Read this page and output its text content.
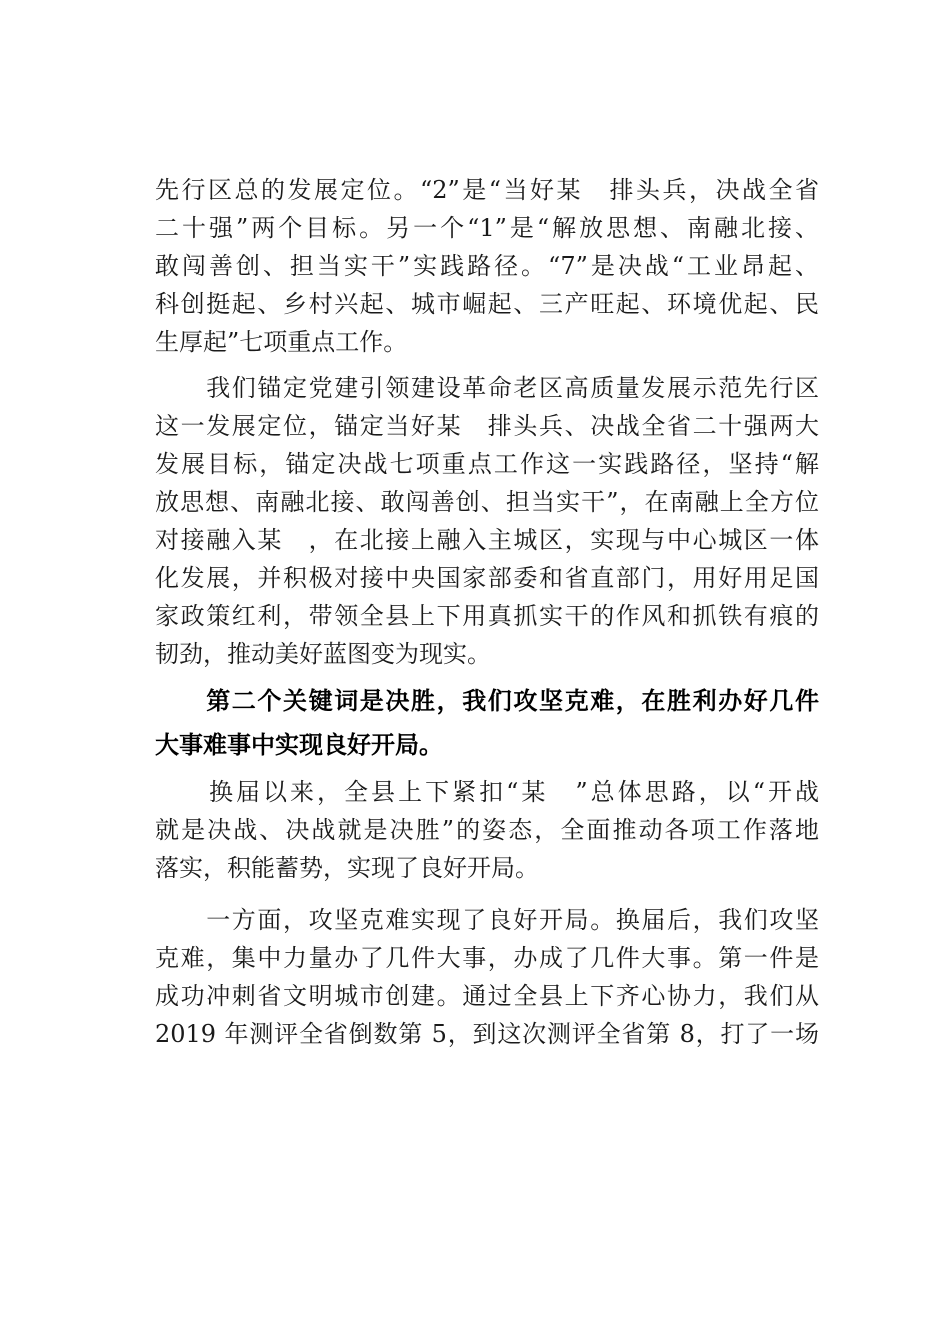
先行区总的发展定位。“2”是“当好某　排头兵，决战全省
二十强”两个目标。另一个“1”是“解放思想、南融北接、
敢闯善创、担当实干”实践路径。“7”是决战“工业昂起、
科创挺起、乡村兴起、城市崛起、三产旺起、环境优起、民
生厚起”七项重点工作。
　　我们锚定党建引领建设革命老区高质量发展示范先行区
这一发展定位，锚定当好某　排头兵、决战全省二十强两大
发展目标，锚定决战七项重点工作这一实践路径，坚持“解
放思想、南融北接、敢闯善创、担当实干”，在南融上全方位
对接融入某　，在北接上融入主城区，实现与中心城区一体
化发展，并积极对接中央国家部委和省直部门，用好用足国
家政策红利，带领全县上下用真抓实干的作风和抓铁有痕的
韧劲，推动美好蓝图变为现实。
　　第二个关键词是决胜，我们攻坚克难，在胜利办好几件
大事难事中实现良好开局。
　　换届以来，全县上下紧扣“某　”总体思路，以“开战
就是决战、决战就是决胜”的姿态，全面推动各项工作落地
落实，积能蓄势，实现了良好开局。
　　一方面，攻坚克难实现了良好开局。换届后，我们攻坚
克难，集中力量办了几件大事，办成了几件大事。第一件是
成功冲刺省文明城市创建。通过全县上下齐心协力，我们从
2019 年测评全省倒数第 5，到这次测评全省第 8，打了一场
